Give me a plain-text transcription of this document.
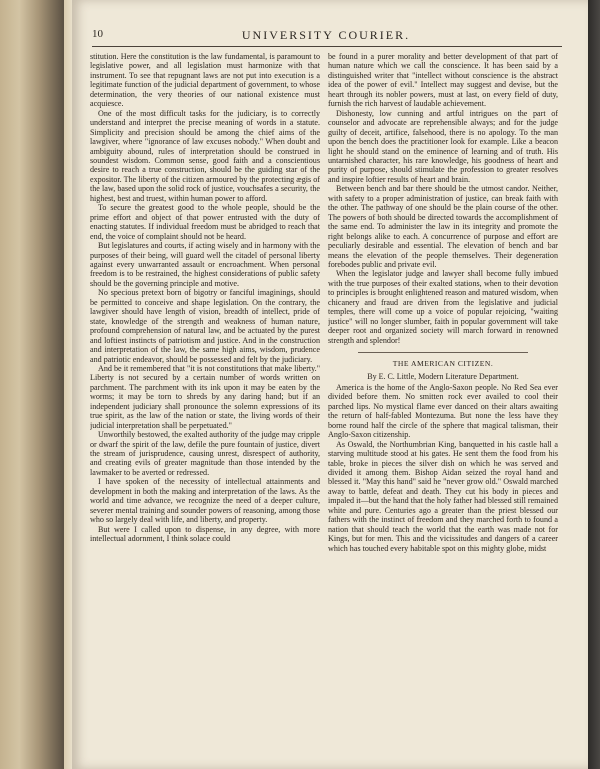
10	UNIVERSITY COURIER.

stitution. Here the constitution is the law fundamental, is paramount to legislative power, and all legislation must harmonize with that instrument. To see that repugnant laws are not put into execution is a legitimate function of the judicial department of government, to whose determination, the very theories of our national existence must acquiesce.

One of the most difficult tasks for the judiciary, is to correctly understand and interpret the precise meaning of words in a statute. Simplicity and precision should be among the chief aims of the lawgiver, where "ignorance of law excuses nobody." When doubt and ambiguity abound, rules of interpretation should be construed in soundest wisdom. Common sense, good faith and a conscientious desire to reach a true construction, should be the guiding star of the expositor. The liberty of the citizen armoured by the protecting ægis of the law, based upon the solid rock of justice, vouchsafes a security, the highest, best and truest, within human power to afford.

To secure the greatest good to the whole people, should be the prime effort and object of that power entrusted with the duty of enacting statutes. If individual freedom must be abridged to reach that end, the voice of complaint should not be heard.

But legislatures and courts, if acting wisely and in harmony with the purposes of their being, will guard well the citadel of personal liberty against every unwarranted assault or encroachment. When personal freedom is to be restrained, the highest considerations of public safety should be the governing principle and motive.

No specious pretext born of bigotry or fanciful imaginings, should be permitted to conceive and shape legislation. On the contrary, the lawgiver should have length of vision, breadth of intellect, pride of state, knowledge of the strength and weakness of human nature, profound comprehension of natural law, and be actuated by the purest and loftiest instincts of patriotism and justice. And in the construction and interpretation of the law, the same high aims, wisdom, prudence and patriotic endeavor, should be possessed and felt by the judiciary.

And be it remembered that "it is not constitutions that make liberty." Liberty is not secured by a certain number of words written on parchment. The parchment with its ink upon it may be eaten by the worms; it may be torn to shreds by any daring hand; but if an independent judiciary shall pronounce the solemn expressions of its true spirit, as the law of the nation or state, the living words of their judicial interpretation shall be perpetuated."

Unworthily bestowed, the exalted authority of the judge may cripple or dwarf the spirit of the law, defile the pure fountain of justice, divert the stream of jurisprudence, causing unrest, disrespect of authority, and creating evils of greater magnitude than those intended by the lawmaker to be averted or redressed.

I have spoken of the necessity of intellectual attainments and development in both the making and interpretation of the laws. As the world and time advance, we recognize the need of a deeper culture, severer mental training and sounder powers of reasoning, among those who so largely deal with life, and liberty, and property.

But were I called upon to dispense, in any degree, with more intellectual adornment, I think solace could

be found in a purer morality and better development of that part of human nature which we call the conscience. It has been said by a distinguished writer that "intellect without conscience is the abstract idea of the power of evil." Intellect may suggest and devise, but the heart through its nobler powers, must at last, on every field of duty, furnish the rich harvest of laudable achievement.

Dishonesty, low cunning and artful intrigues on the part of counselor and advocate are reprehensible always; and for the judge guilty of deceit, artifice, falsehood, there is no apology. To the man upon the bench does the practitioner look for example. Like a beacon light he should stand on the eminence of learning and of truth. His untarnished character, his rare knowledge, his goodness of heart and purity of purpose, should stimulate the profession to greater resolves and inspire loftier results of heart and brain.

Between bench and bar there should be the utmost candor. Neither, with safety to a proper administration of justice, can break faith with the other. The pathway of one should be the plain course of the other. The powers of both should be directed towards the accomplishment of the same end. To administer the law in its integrity and promote the right belongs alike to each. A concurrence of purpose and effort are peculiarly desirable and essential. The elevation of bench and bar means the elevation of the people themselves. Their degeneration forebodes public and private evil.

When the legislator judge and lawyer shall become fully imbued with the true purposes of their exalted stations, when to their devotion to principles is brought enlightened reason and matured wisdom, when chicanery and fraud are driven from the legislative and judicial temples, there will come up a voice of popular rejoicing, "waiting justice" will no longer slumber, faith in popular government will take deeper root and organized society will march forward in renowned strength and splendor!

THE AMERICAN CITIZEN.

By E. C. Little, Modern Literature Department.

America is the home of the Anglo-Saxon people. No Red Sea ever divided before them. No smitten rock ever availed to cool their parched lips. No mystical flame ever danced on their altars awaiting the return of half-fabled Montezuma. But none the less have they borne round half the circle of the sphere that magical talisman, their Anglo-Saxon citizenship.

As Oswald, the Northumbrian King, banquetted in his castle hall a starving multitude stood at his gates. He sent them the food from his table, broke in pieces the silver dish on which he was served and divided it among them. Bishop Aidan seized the royal hand and blessed it. "May this hand" said he "never grow old." Oswald marched away to battle, defeat and death. They cut his body in pieces and impaled it—but the hand that the holy father had blessed still remained white and pure. Centuries ago a greater than the priest blessed our fathers with the instinct of freedom and they marched forth to found a nation that should teach the world that the earth was made not for Kings, but for men. This and the vicissitudes and dangers of a career which has touched every habitable spot on this mighty globe, midst
